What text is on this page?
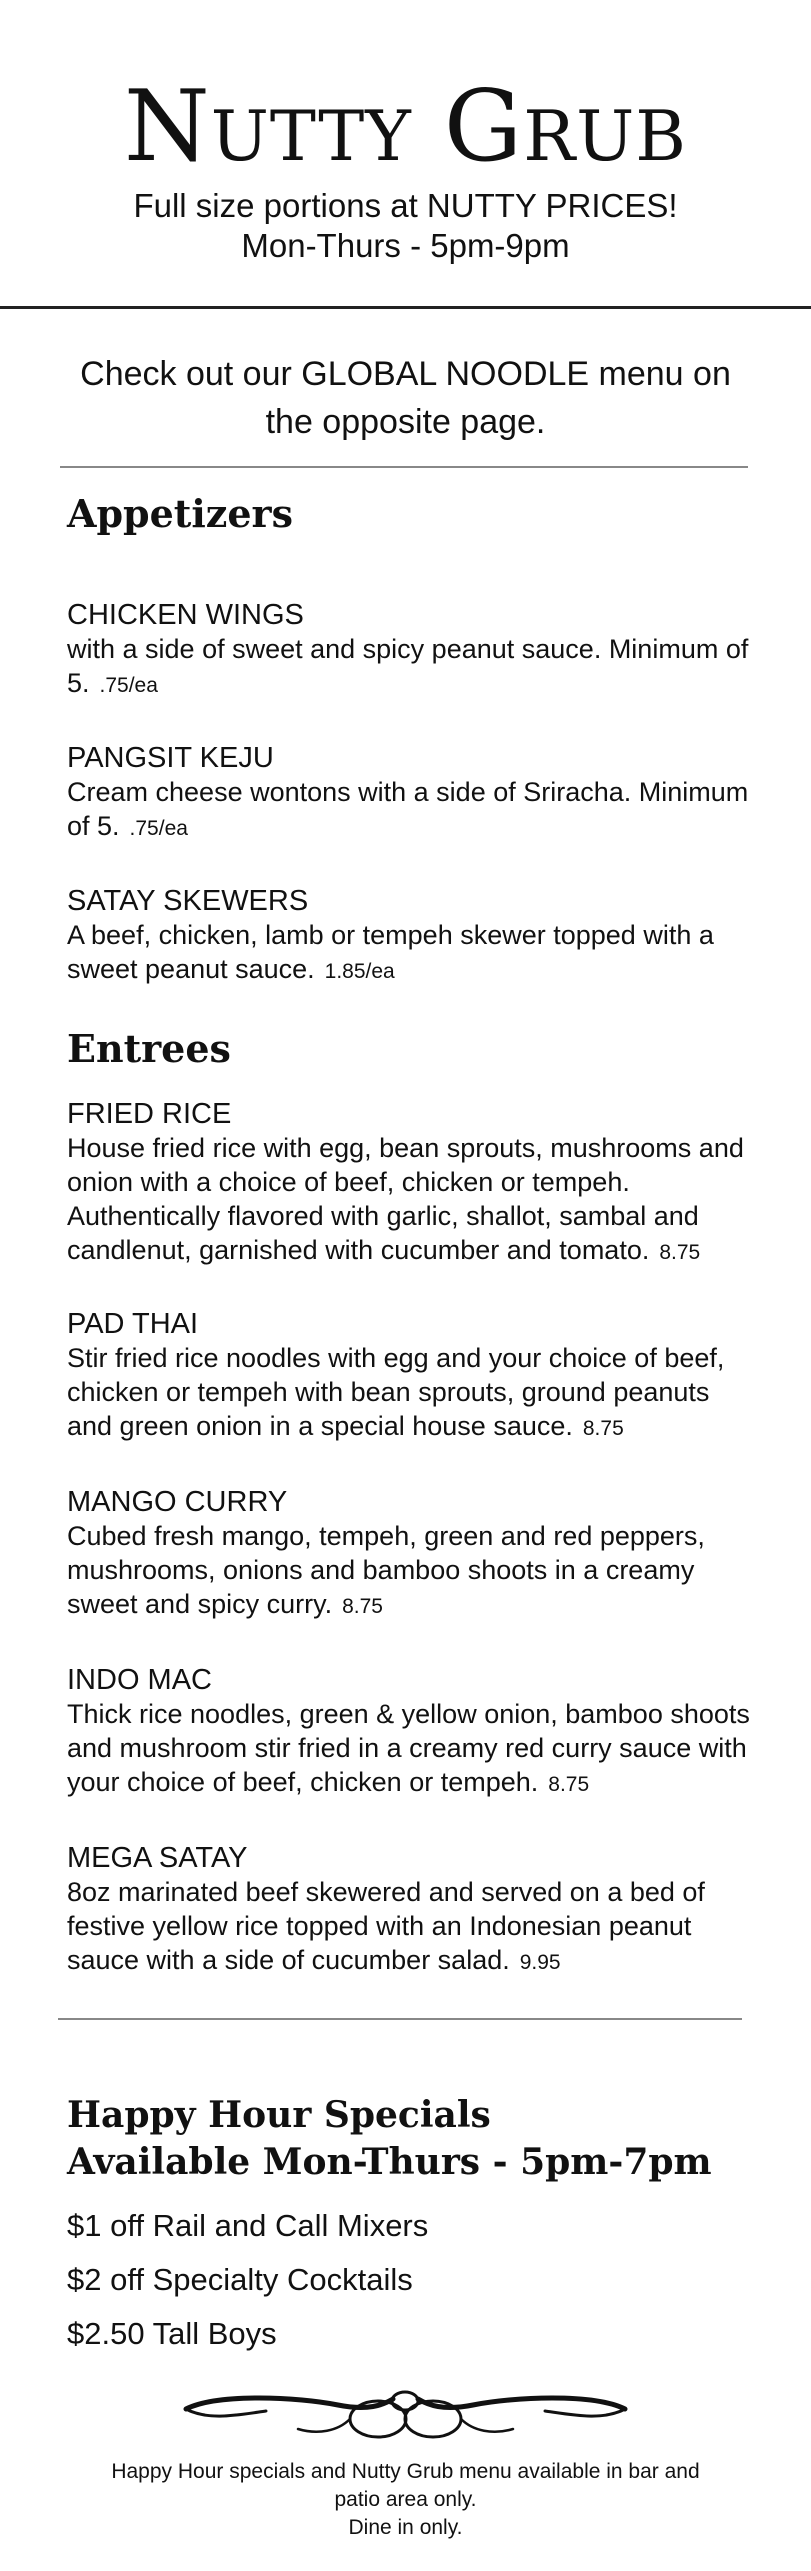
Nutty Grub
Full size portions at NUTTY PRICES!
Mon-Thurs - 5pm-9pm
Check out our GLOBAL NOODLE menu on the opposite page.
Appetizers
CHICKEN WINGS
with a side of sweet and spicy peanut sauce. Minimum of 5. .75/ea
PANGSIT KEJU
Cream cheese wontons with a side of Sriracha. Minimum of 5. .75/ea
SATAY SKEWERS
A beef, chicken, lamb or tempeh skewer topped with a sweet peanut sauce. 1.85/ea
Entrees
FRIED RICE
House fried rice with egg, bean sprouts, mushrooms and onion with a choice of beef, chicken or tempeh. Authentically flavored with garlic, shallot, sambal and candlenut, garnished with cucumber and tomato. 8.75
PAD THAI
Stir fried rice noodles with egg and your choice of beef, chicken or tempeh with bean sprouts, ground peanuts and green onion in a special house sauce. 8.75
MANGO CURRY
Cubed fresh mango, tempeh, green and red peppers, mushrooms, onions and bamboo shoots in a creamy sweet and spicy curry. 8.75
INDO MAC
Thick rice noodles, green & yellow onion, bamboo shoots and mushroom stir fried in a creamy red curry sauce with your choice of beef, chicken or tempeh. 8.75
MEGA SATAY
8oz marinated beef skewered and served on a bed of festive yellow rice topped with an Indonesian peanut sauce with a side of cucumber salad. 9.95
Happy Hour Specials
Available Mon-Thurs - 5pm-7pm
$1 off Rail and Call Mixers
$2 off Specialty Cocktails
$2.50 Tall Boys
Happy Hour specials and Nutty Grub menu available in bar and
patio area only.
Dine in only.
